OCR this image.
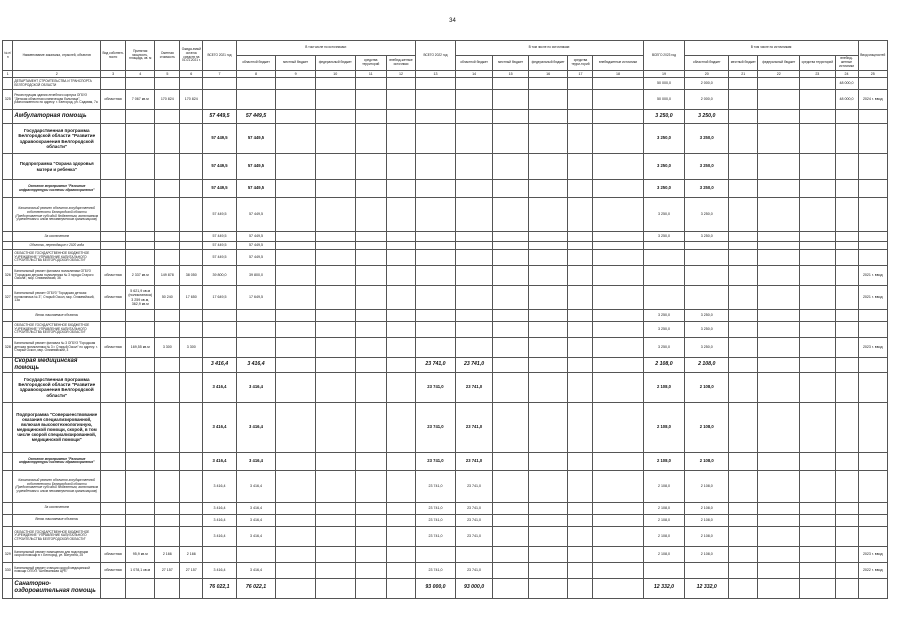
34
№ п/п	Наименование заказчика, отраслей, объектов	Вид собствен-ности	Принятая мощность, площадь, кв. м	Сметная стоимость	Ожида-емый остаток средств на 01.01.2021 г.	ВСЕГО 2021 год	В том числе по источникам:					ВСЕГО 2022 год	В том числе по источникам:					ВСЕГО 2023 год	В том числе по источникам:					Ввод мощностей
							областной бюджет	местный бюджет	федеральный бюджет	средства территорий	внебюд-жетные источники		областной бюджет	местный бюджет	федеральный бюджет	средства терри-торий	внебюджетные источники		областной бюджет	местный бюджет	федеральный бюджет	средства территорий	внебюд-жетные источники	
1	2	3	4	5	6	7	8	9	10	11	12	13	14	15	16	17	18	19	20	21	22	23	24	25
	ДЕПАРТАМЕНТ СТРОИТЕЛЬСТВА И ТРАНСПОРТА БЕЛГОРОДСКОЙ ОБЛАСТИ																	50 000,0	2 000,0				48 000,0	
325	Реконструкция здания лечебного корпуса ОГБУЗ "Детская областная клиническая больница", расположенного по адресу: г. Белгород, ул. Садовая, 7а	областная	7 067 кв.м	170 824	170 824													50 000,0	2 000,0				48 000,0	2024 г. ввод
	Амбулаторная помощь					57 449,5	57 449,5											3 250,0	3 250,0					
	Государственная программа Белгородской области "Развитие здравоохранения Белгородской области"					57 449,5	57 449,5											3 250,0	3 250,0					
	Подпрограмма "Охрана здоровья матери и ребенка"					57 449,5	57 449,5											3 250,0	3 250,0					
	Основное мероприятие "Развитие инфраструктуры системы здравоохранения"					57 449,5	57 449,5											3 250,0	3 250,0					
	Капитальный ремонт объектов государственной собственности Белгородской области (Предоставление субсидий бюджетным, автономным учреждениям и иным некоммерческим организациям)					57 449,5	57 449,5											3 250,0	3 250,0					
	За исключением					57 449,5	57 449,5											3 250,0	3 250,0					
	Объекты, переходящие с 2020 года					57 449,5	57 449,5																	
	ОБЛАСТНОЕ ГОСУДАРСТВЕННОЕ БЮДЖЕТНОЕ УЧРЕЖДЕНИЕ "УПРАВЛЕНИЕ КАПИТАЛЬНОГО СТРОИТЕЛЬСТВА БЕЛГОРОДСКОЙ ОБЛАСТИ"					57 449,5	57 449,5																	
326	Капитальный ремонт филиала поликлиники ОГБУЗ "Городская детская поликлиника № 3 города Старого Оскола", мкр. Олимпийский, 36	областная	2 337 кв.м	149 878	38 050	39 800,0	39 800,0																	2021 г. ввод
327	Капитальный ремонт ОГБУЗ "Городская детская поликлиника № 3", Старый Оскол, мкр. Олимпийский, 13а	областная	5 621,9 кв.м (поликлиника) 3 259 кв.м, 362,9 кв.м	50 240	17 650	17 649,5	17 649,5																	2021 г. ввод
	Вновь начинаемые объекты																	3 250,0	3 250,0					
	ОБЛАСТНОЕ ГОСУДАРСТВЕННОЕ БЮДЖЕТНОЕ УЧРЕЖДЕНИЕ "УПРАВЛЕНИЕ КАПИТАЛЬНОГО СТРОИТЕЛЬСТВА БЕЛГОРОДСКОЙ ОБЛАСТИ"																	3 250,0	3 250,0					
328	Капитальный ремонт филиала № 3 ОГБУЗ "Городская детская поликлиника № 3 г. Старый Оскол" по адресу: г. Старый Оскол, мкр. Олимпийский, 3	областная	169,55 кв.м	3 300	3 300													3 250,0	3 250,0					2023 г. ввод
	Скорая медицинская помощь					3 416,4	3 416,4					23 741,0	23 741,0					2 108,0	2 108,0					
	Государственная программа Белгородской области "Развитие здравоохранения Белгородской области"					3 416,4	3 416,4					23 741,0	23 741,0					2 108,0	2 108,0					
	Подпрограмма "Совершенствование оказания специализированной, включая высокотехнологичную, медицинской помощи, скорой, в том числе скорой специализированной, медицинской помощи"					3 416,4	3 416,4					23 741,0	23 741,0					2 108,0	2 108,0					
	Основное мероприятие "Развитие инфраструктуры системы здравоохранения"					3 416,4	3 416,4					23 741,0	23 741,0					2 108,0	2 108,0					
	Капитальный ремонт объектов государственной собственности Белгородской области (Предоставление субсидий бюджетным, автономным учреждениям и иным некоммерческим организациям)					3 416,4	3 416,4					23 741,0	23 741,0					2 108,0	2 108,0					
	За исключением					3 416,4	3 416,4					23 741,0	23 741,0					2 108,0	2 108,0					
	Вновь начинаемые объекты					3 416,4	3 416,4					23 741,0	23 741,0					2 108,0	2 108,0					
	ОБЛАСТНОЕ ГОСУДАРСТВЕННОЕ БЮДЖЕТНОЕ УЧРЕЖДЕНИЕ "УПРАВЛЕНИЕ КАПИТАЛЬНОГО СТРОИТЕЛЬСТВА БЕЛГОРОДСКОЙ ОБЛАСТИ"					3 416,4	3 416,4					23 741,0	23 741,0					2 108,0	2 108,0					
329	Капитальный ремонт помещения для подстанции скорой помощи в г. Белгород, ул. Ватутина, 25	областная	95,9 кв.м	2 166	2 166													2 108,0	2 108,0					2023 г. ввод
330	Капитальный ремонт станции скорой медицинской помощи ОГБУЗ "Шебекинская ЦРБ"	областная	1 078,1 кв.м	27 157	27 157	3 416,4	3 416,4					23 741,0	23 741,0											2022 г. ввод
	Санаторно-оздоровительная помощь					76 022,1	76 022,1					93 000,0	93 000,0					12 332,0	12 332,0					
